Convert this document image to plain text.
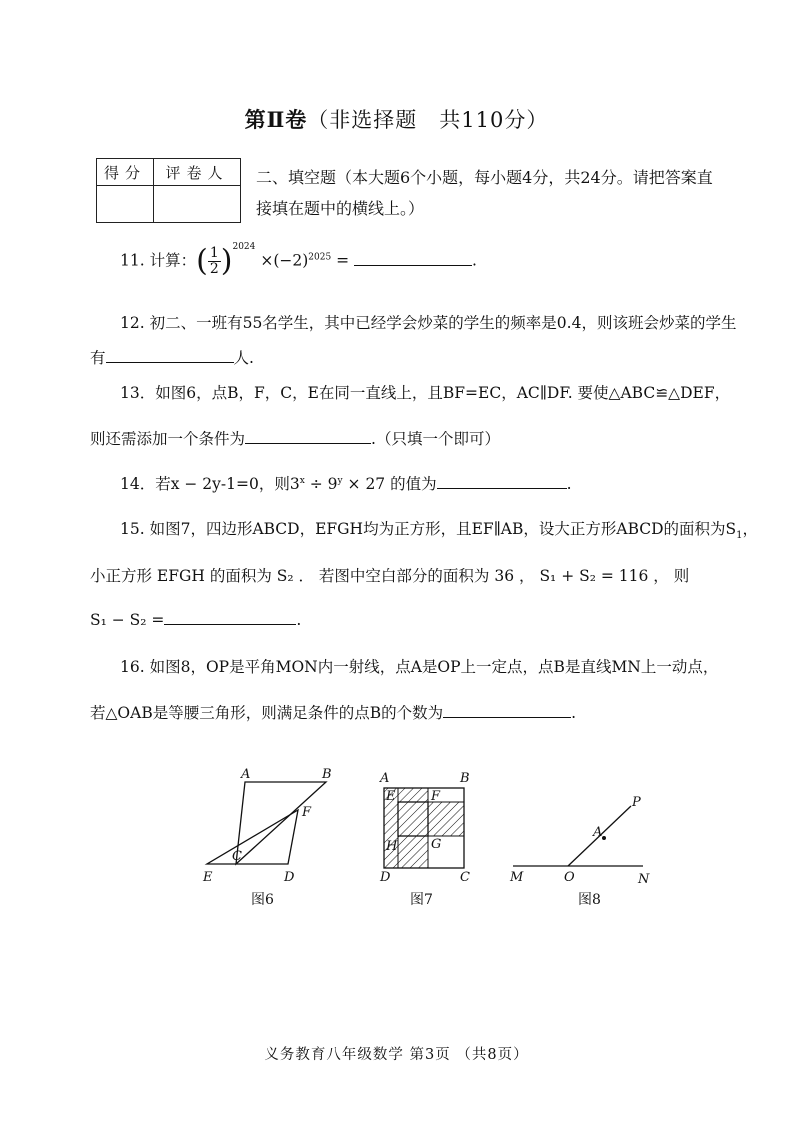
第Ⅱ卷（非选择题　共110分）
得分	评卷人
	二、填空题（本大题6个小题，每小题4分，共24分。请把答案直接填在题中的横线上。）
11. 计算：( $\frac{1}{2} )^{2024} \times(-2)^{2025}$ =	.
12. 初二、一班有55名学生，其中已经学会炒菜的学生的频率是0.4，则该班会炒菜的学生
有	人.
13．如图6，点B，F，C，E在同一直线上，且BF=EC，AC∥DF. 要使△ABC≌△DEF，
则还需添加一个条件为	.（只填一个即可）
14．若x − 2y-1=0，则$3^x \div 9^y \times 27$ 的值为	.
15. 如图7，四边形ABCD，EFGH均为正方形，且EF∥AB，设大正方形ABCD的面积为$S_1$，
小正方形 EFGH 的面积为 S₂ ． 若图中空白部分的面积为 36 ， S₁ + S₂ = 116 ， 则
S₁ − S₂ =	.
16. 如图8，OP是平角MON内一射线，点A是OP上一定点，点B是直线MN上一动点，
若△OAB是等腰三角形，则满足条件的点B的个数为	.
A	B
F
C
E	D
A	B
E	F
H	G
D	C
P
A
M	O	N
图6	图7	图8
义务教育八年级数学 第3页 （共8页）
